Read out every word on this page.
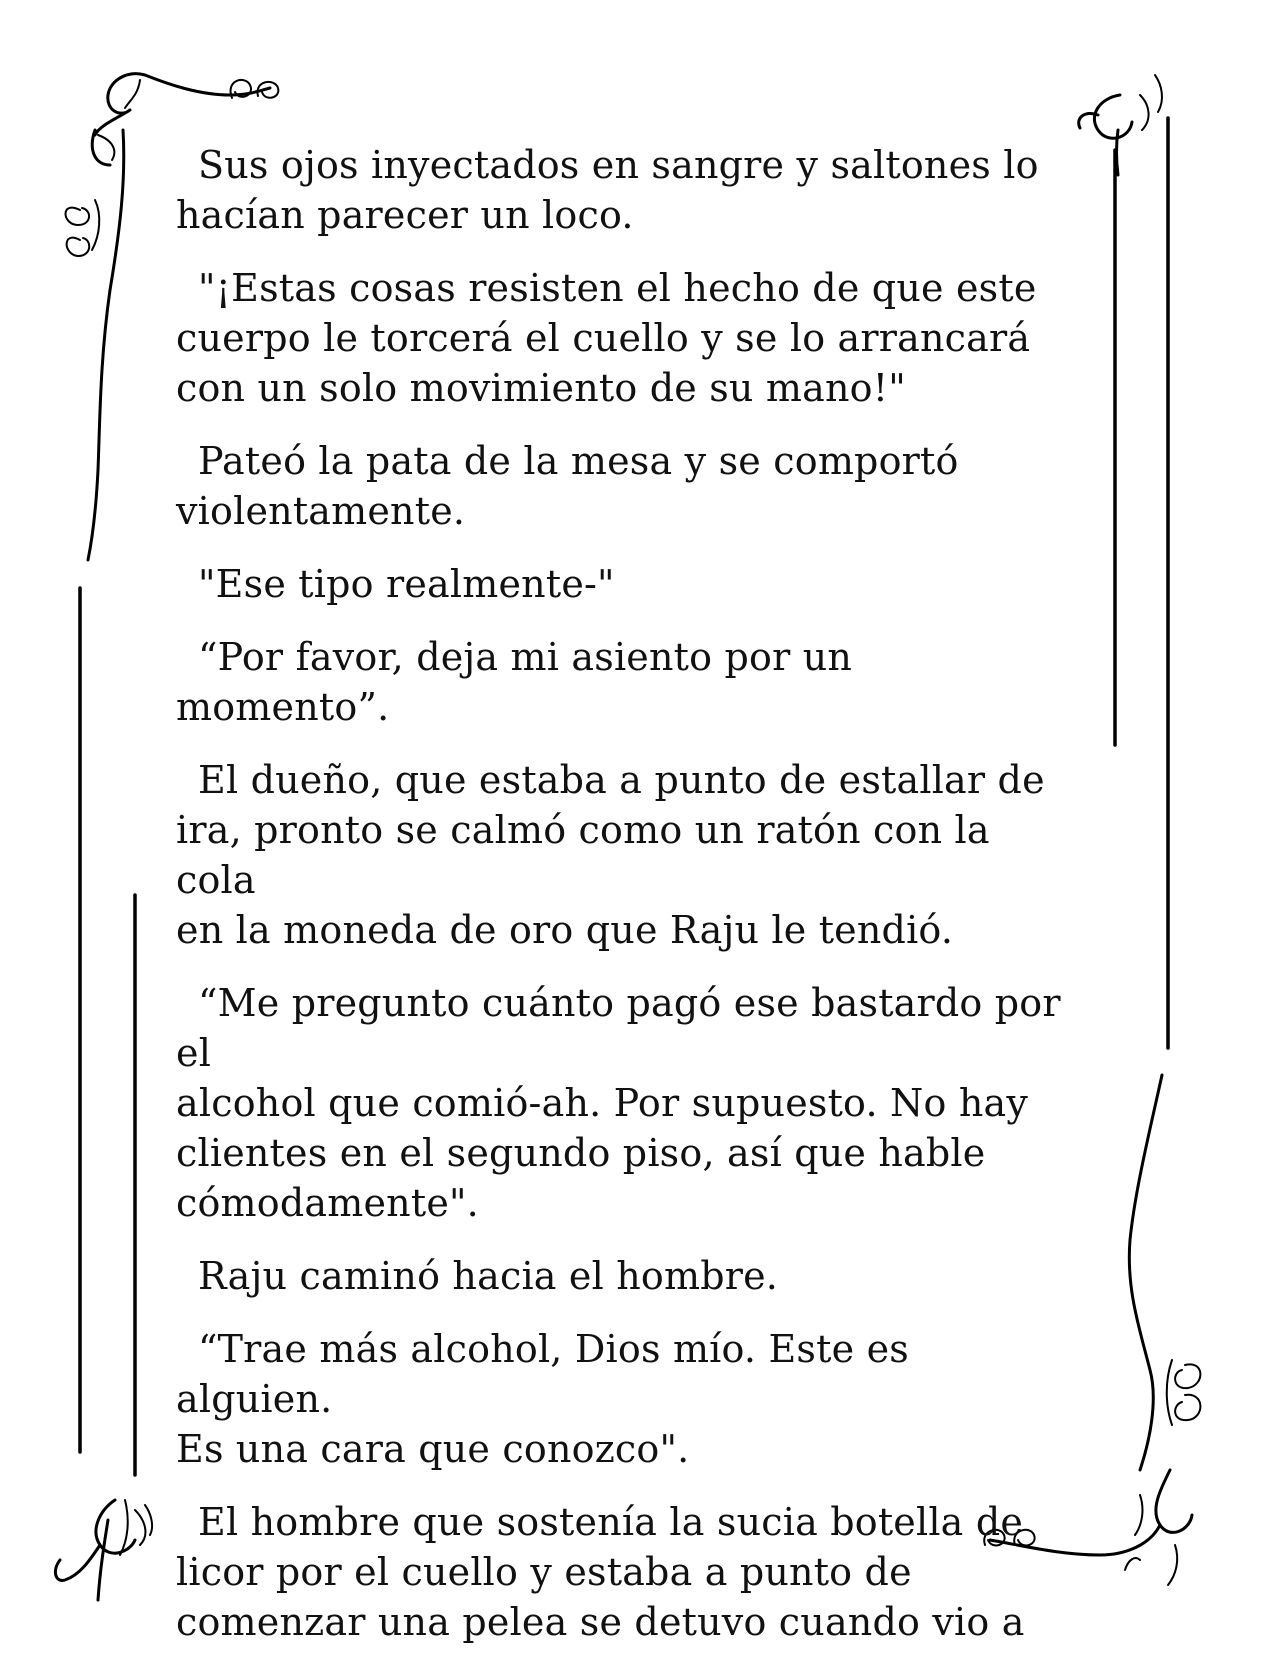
Sus ojos inyectados en sangre y saltones lo
hacían parecer un loco.

"¡Estas cosas resisten el hecho de que este
cuerpo le torcerá el cuello y se lo arrancará
con un solo movimiento de su mano!"

Pateó la pata de la mesa y se comportó
violentamente.

"Ese tipo realmente-"

“Por favor, deja mi asiento por un momento”.

El dueño, que estaba a punto de estallar de
ira, pronto se calmó como un ratón con la cola
en la moneda de oro que Raju le tendió.

“Me pregunto cuánto pagó ese bastardo por el
alcohol que comió-ah. Por supuesto. No hay
clientes en el segundo piso, así que hable
cómodamente".

Raju caminó hacia el hombre.

“Trae más alcohol, Dios mío. Este es alguien.
Es una cara que conozco".

El hombre que sostenía la sucia botella de
licor por el cuello y estaba a punto de
comenzar una pelea se detuvo cuando vio a
